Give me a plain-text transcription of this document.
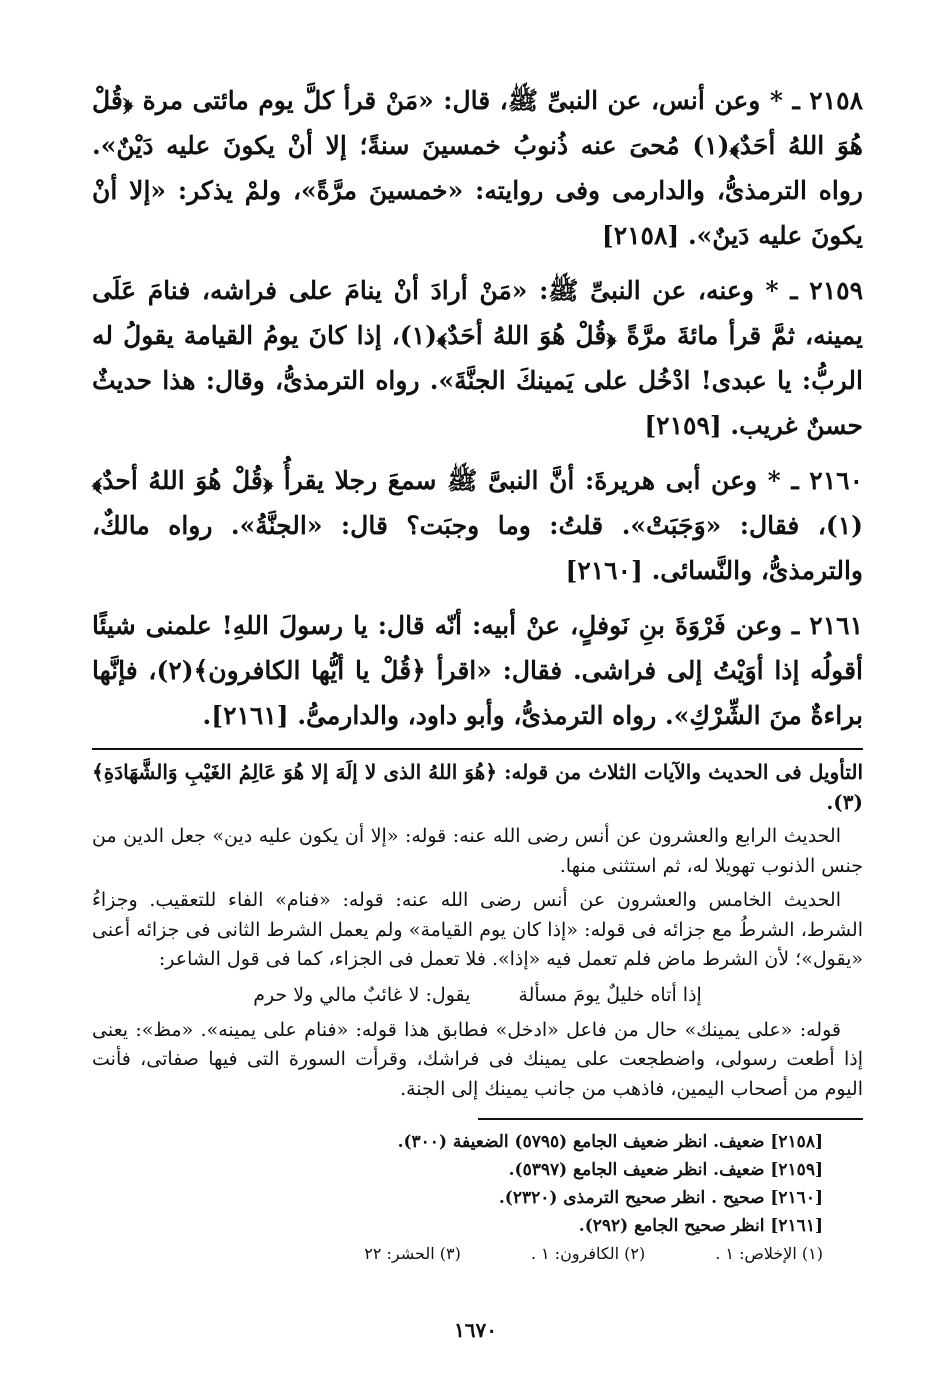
٢١٥٨ ـ * وعن أنس، عن النبىِّ ﷺ، قال: «مَنْ قرأ كلَّ يوم مائتى مرة ﴿قُلْ هُوَ اللهُ أحَدٌ﴾(١) مُحىَ عنه ذُنوبُ خمسينَ سنةً؛ إلا أنْ يكونَ عليه دَيْنٌ». رواه الترمذىُّ، والدارمى وفى روايته: «خمسينَ مرَّةً»، ولمْ يذكر: «إلا أنْ يكونَ عليه دَينٌ». [٢١٥٨]

٢١٥٩ ـ * وعنه، عن النبىِّ ﷺ: «مَنْ أرادَ أنْ ينامَ على فراشه، فنامَ عَلَى يمينه، ثمَّ قرأ مائةَ مرَّةً ﴿قُلْ هُوَ اللهُ أحَدٌ﴾(١)، إذا كانَ يومُ القيامة يقولُ له الربُّ: يا عبدى! ادْخُل على يَمينكَ الجنَّةَ». رواه الترمذىُّ، وقال: هذا حديثٌ حسنٌ غريب. [٢١٥٩]

٢١٦٠ ـ * وعن أبى هريرةَ: أنَّ النبىَّ ﷺ سمعَ رجلا يقرأُ ﴿قُلْ هُوَ اللهُ أحدٌ﴾(١)، فقال: «وَجَبَتْ». قلتُ: وما وجبَت؟ قال: «الجنَّةُ». رواه مالكٌ، والترمذىُّ، والنَّسائى. [٢١٦٠]

٢١٦١ ـ وعن فَرْوَةَ بنِ نَوفلٍ، عنْ أبيه: أنّه قال: يا رسولَ اللهِ! علمنى شيئًا أقولُه إذا أوَيْتُ إلى فراشى. فقال: «اقرأ ﴿قُلْ يا أيُّها الكافرون﴾(٢)، فإنَّها براءةٌ منَ الشِّرْكِ». رواه الترمذىُّ، وأبو داود، والدارمىُّ. [٢١٦١].

التأويل فى الحديث والآيات الثلاث من قوله: ﴿هُوَ اللهُ الذى لا إلَهَ إلا هُوَ عَالِمُ الغَيْبِ وَالشَّهَادَةِ﴾(٣).

الحديث الرابع والعشرون عن أنس رضى الله عنه: قوله: «إلا أن يكون عليه دين» جعل الدين من جنس الذنوب تهويلا له، ثم استثنى منها.

الحديث الخامس والعشرون عن أنس رضى الله عنه: قوله: «فنام» الفاء للتعقيب. وجزاءُ الشرط، الشرطُ مع جزائه فى قوله: «إذا كان يوم القيامة» ولم يعمل الشرط الثانى فى جزائه أعنى «يقول»؛ لأن الشرط ماض فلم تعمل فيه «إذا». فلا تعمل فى الجزاء، كما فى قول الشاعر:

إذا أتاه خليلٌ يومَ مسألة
يقول: لا غائبٌ مالي ولا حرم

قوله: «على يمينك» حال من فاعل «ادخل» فطابق هذا قوله: «فنام على يمينه». «مظ»: يعنى إذا أطعت رسولى، واضطجعت على يمينك فى فراشك، وقرأت السورة التى فيها صفاتى، فأنت اليوم من أصحاب اليمين، فاذهب من جانب يمينك إلى الجنة.

[٢١٥٨] ضعيف. انظر ضعيف الجامع (٥٧٩٥) الضعيفة (٣٠٠).
[٢١٥٩] ضعيف. انظر ضعيف الجامع (٥٣٩٧).
[٢١٦٠] صحيح . انظر صحيح الترمذى (٢٣٢٠).
[٢١٦١] انظر صحيح الجامع (٢٩٢).
(١) الإخلاص: ١ .
(٢) الكافرون: ١ .
(٣) الحشر: ٢٢
١٦٧٠
